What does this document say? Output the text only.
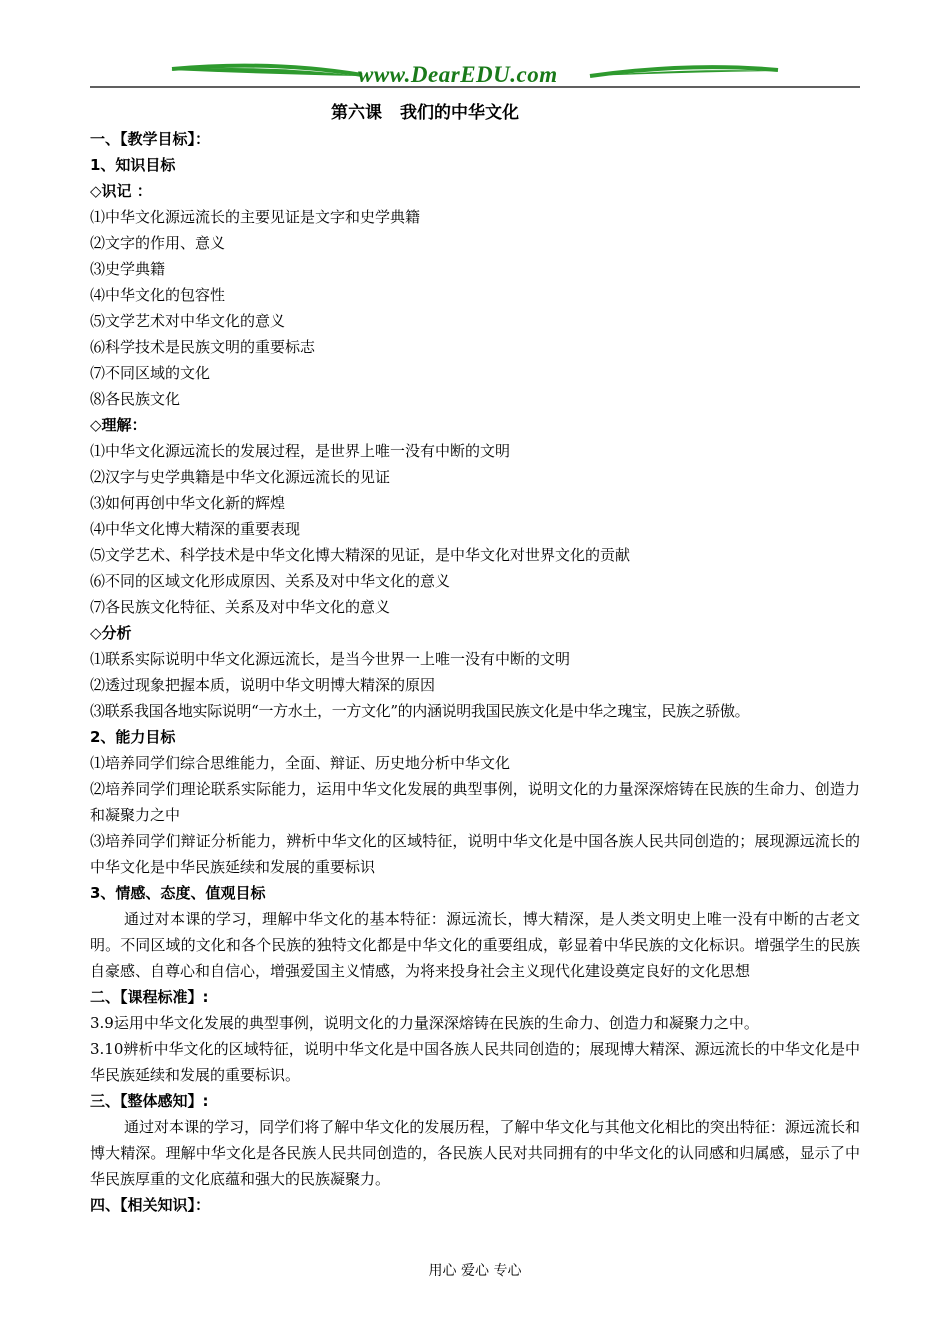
www.DearEDU.com
第六课 我们的中华文化
一、【教学目标】：
1、知识目标
◇识记 ：
⑴中华文化源远流长的主要见证是文字和史学典籍
⑵文字的作用、意义
⑶史学典籍
⑷中华文化的包容性
⑸文学艺术对中华文化的意义
⑹科学技术是民族文明的重要标志
⑺不同区域的文化
⑻各民族文化
◇理解：
⑴中华文化源远流长的发展过程，是世界上唯一没有中断的文明
⑵汉字与史学典籍是中华文化源远流长的见证
⑶如何再创中华文化新的辉煌
⑷中华文化博大精深的重要表现
⑸文学艺术、科学技术是中华文化博大精深的见证，是中华文化对世界文化的贡献
⑹不同的区域文化形成原因、关系及对中华文化的意义
⑺各民族文化特征、关系及对中华文化的意义
◇分析
⑴联系实际说明中华文化源远流长，是当今世界一上唯一没有中断的文明
⑵透过现象把握本质，说明中华文明博大精深的原因
⑶联系我国各地实际说明“一方水土，一方文化”的内涵说明我国民族文化是中华之瑰宝，民族之骄傲。
2、能力目标
⑴培养同学们综合思维能力，全面、辩证、历史地分析中华文化
⑵培养同学们理论联系实际能力，运用中华文化发展的典型事例，说明文化的力量深深熔铸在民族的生命力、创造力和凝聚力之中
⑶培养同学们辩证分析能力，辨析中华文化的区域特征，说明中华文化是中国各族人民共同创造的；展现源远流长的中华文化是中华民族延续和发展的重要标识
3、情感、态度、值观目标
通过对本课的学习，理解中华文化的基本特征：源远流长，博大精深，是人类文明史上唯一没有中断的古老文明。不同区域的文化和各个民族的独特文化都是中华文化的重要组成，彰显着中华民族的文化标识。增强学生的民族自豪感、自尊心和自信心，增强爱国主义情感，为将来投身社会主义现代化建设奠定良好的文化思想
二、【课程标准】:
3.9运用中华文化发展的典型事例，说明文化的力量深深熔铸在民族的生命力、创造力和凝聚力之中。
3.10辨析中华文化的区域特征，说明中华文化是中国各族人民共同创造的；展现博大精深、源远流长的中华文化是中华民族延续和发展的重要标识。
三、【整体感知】:
通过对本课的学习，同学们将了解中华文化的发展历程，了解中华文化与其他文化相比的突出特征：源远流长和博大精深。理解中华文化是各民族人民共同创造的，各民族人民对共同拥有的中华文化的认同感和归属感，显示了中华民族厚重的文化底蕴和强大的民族凝聚力。
四、【相关知识】：
用心 爱心 专心
